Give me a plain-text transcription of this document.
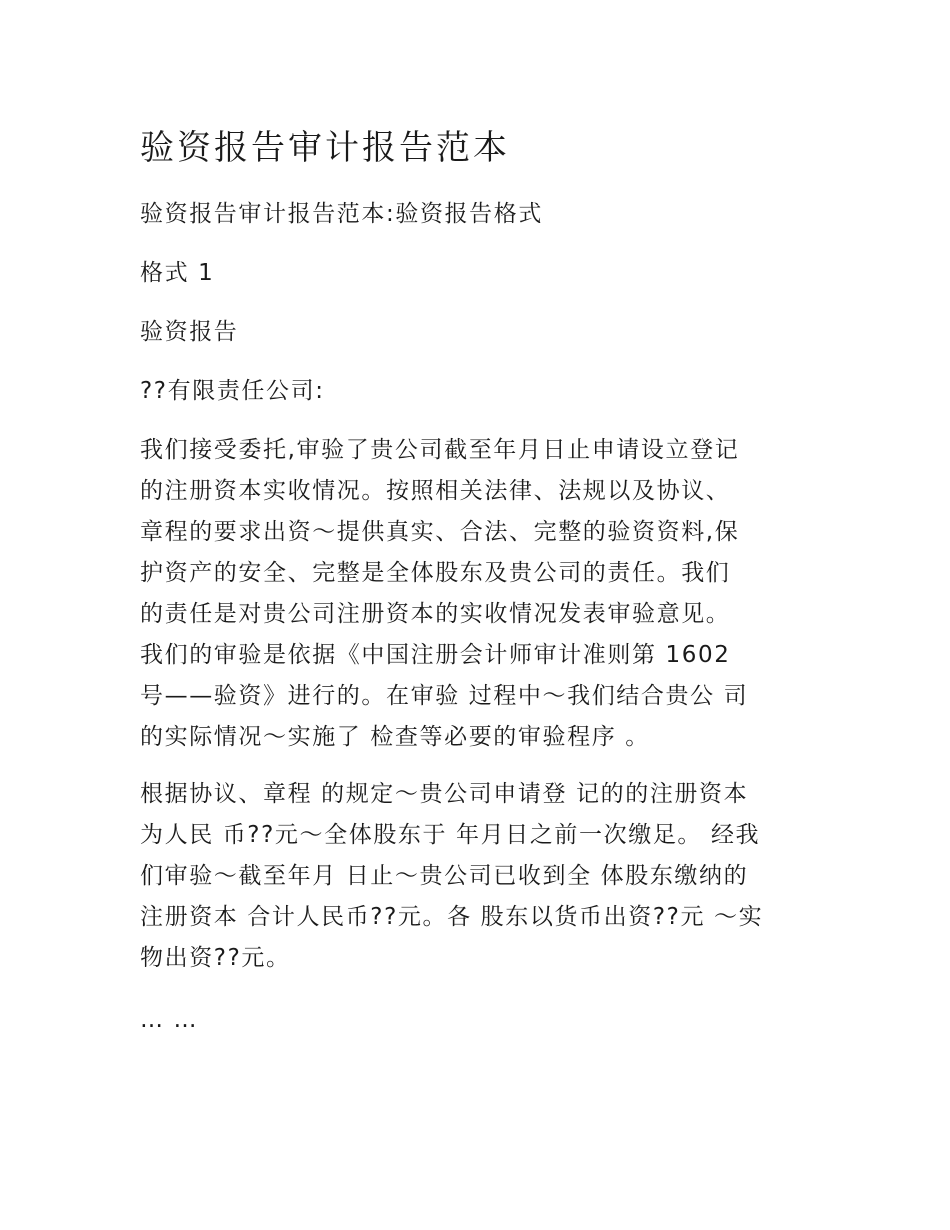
验资报告审计报告范本

验资报告审计报告范本:验资报告格式

格式 1

验资报告

??有限责任公司:

我们接受委托,审验了贵公司截至年月日止申请设立登记
的注册资本实收情况。按照相关法律、法规以及协议、
章程的要求出资～提供真实、合法、完整的验资资料,保
护资产的安全、完整是全体股东及贵公司的责任。我们
的责任是对贵公司注册资本的实收情况发表审验意见。
我们的审验是依据《中国注册会计师审计准则第 1602
号——验资》进行的。在审验 过程中～我们结合贵公 司
的实际情况～实施了 检查等必要的审验程序 。
根据协议、章程 的规定～贵公司申请登 记的的注册资本
为人民 币??元～全体股东于 年月日之前一次缴足。 经我
们审验～截至年月 日止～贵公司已收到全 体股东缴纳的
注册资本 合计人民币??元。各 股东以货币出资??元 ～实
物出资??元。

… …
